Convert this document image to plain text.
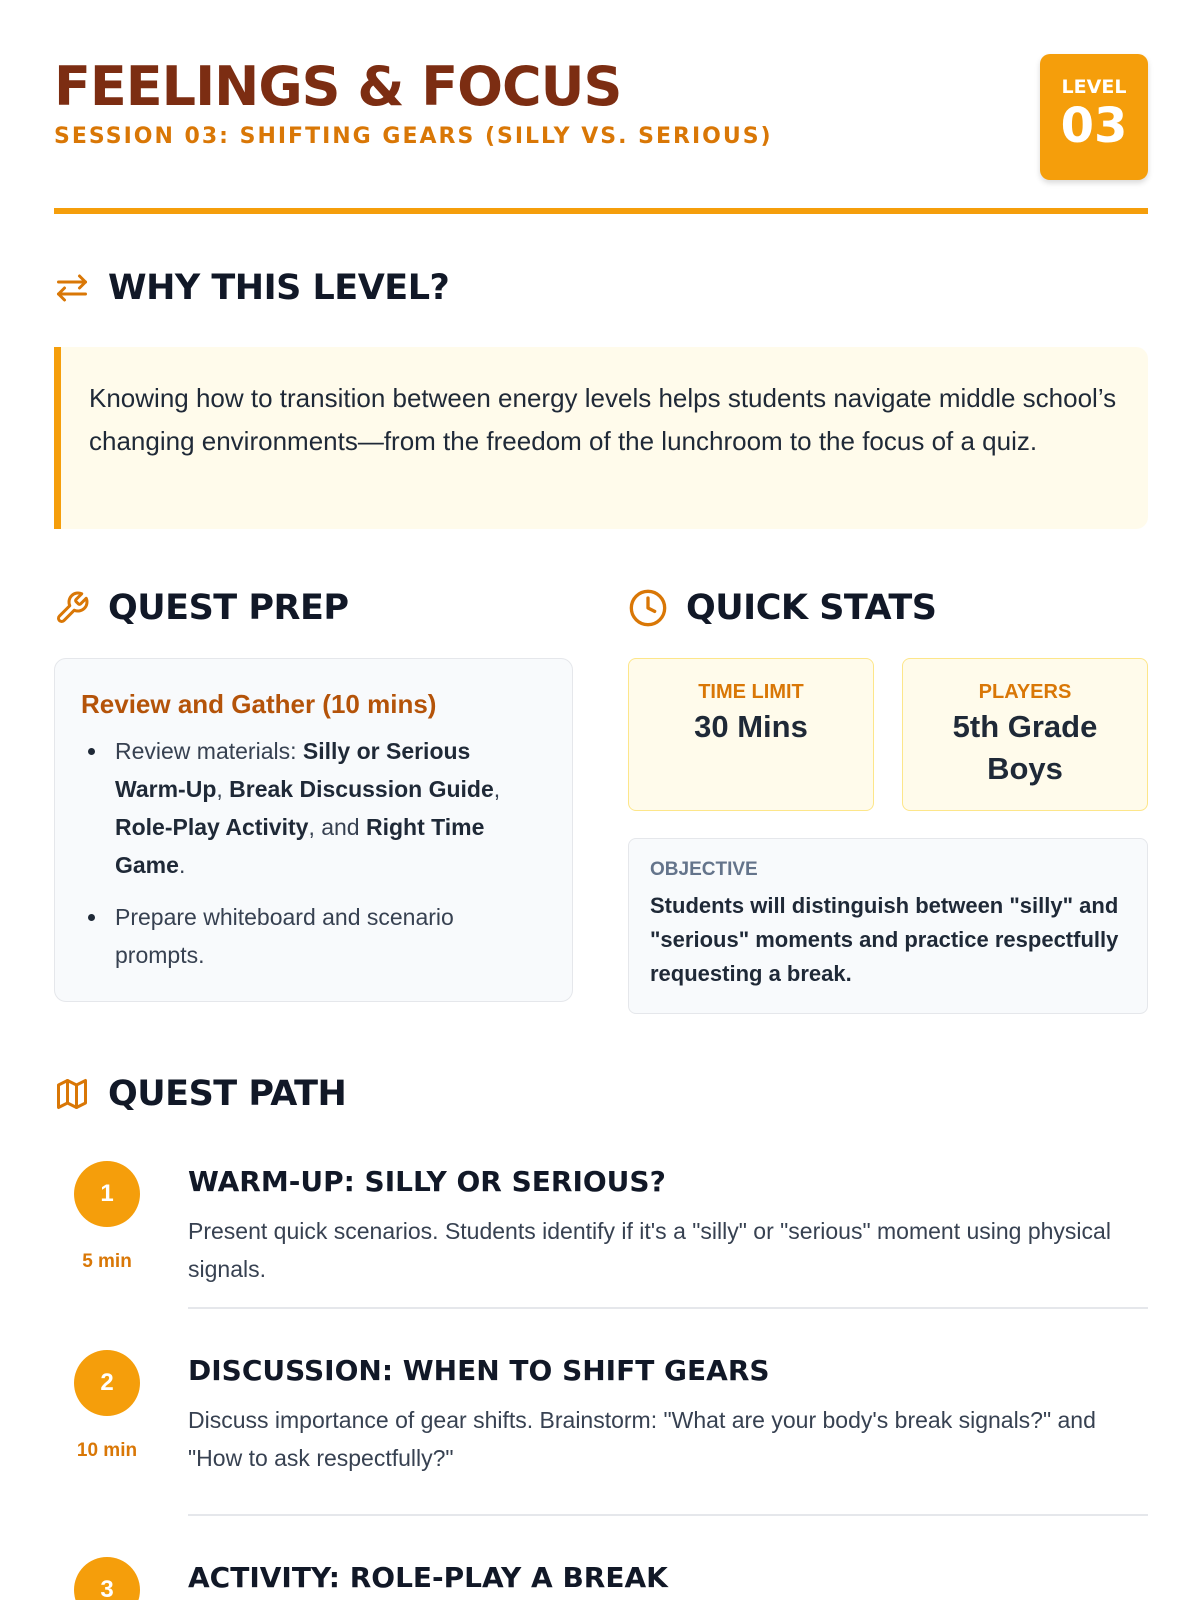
FEELINGS & FOCUS
SESSION 03: SHIFTING GEARS (SILLY VS. SERIOUS)
LEVEL
03
WHY THIS LEVEL?
Knowing how to transition between energy levels helps students navigate middle school’s changing environments—from the freedom of the lunchroom to the focus of a quiz.
QUEST PREP
Review and Gather (10 mins)
Review materials: Silly or Serious Warm-Up, Break Discussion Guide, Role-Play Activity, and Right Time Game.
Prepare whiteboard and scenario prompts.
QUICK STATS
TIME LIMIT
30 Mins
PLAYERS
5th Grade Boys
OBJECTIVE
Students will distinguish between "silly" and "serious" moments and practice respectfully requesting a break.
QUEST PATH
1
5 min
WARM-UP: SILLY OR SERIOUS?
Present quick scenarios. Students identify if it's a "silly" or "serious" moment using physical signals.
2
10 min
DISCUSSION: WHEN TO SHIFT GEARS
Discuss importance of gear shifts. Brainstorm: "What are your body's break signals?" and "How to ask respectfully?"
3	ACTIVITY: ROLE-PLAY A BREAK
